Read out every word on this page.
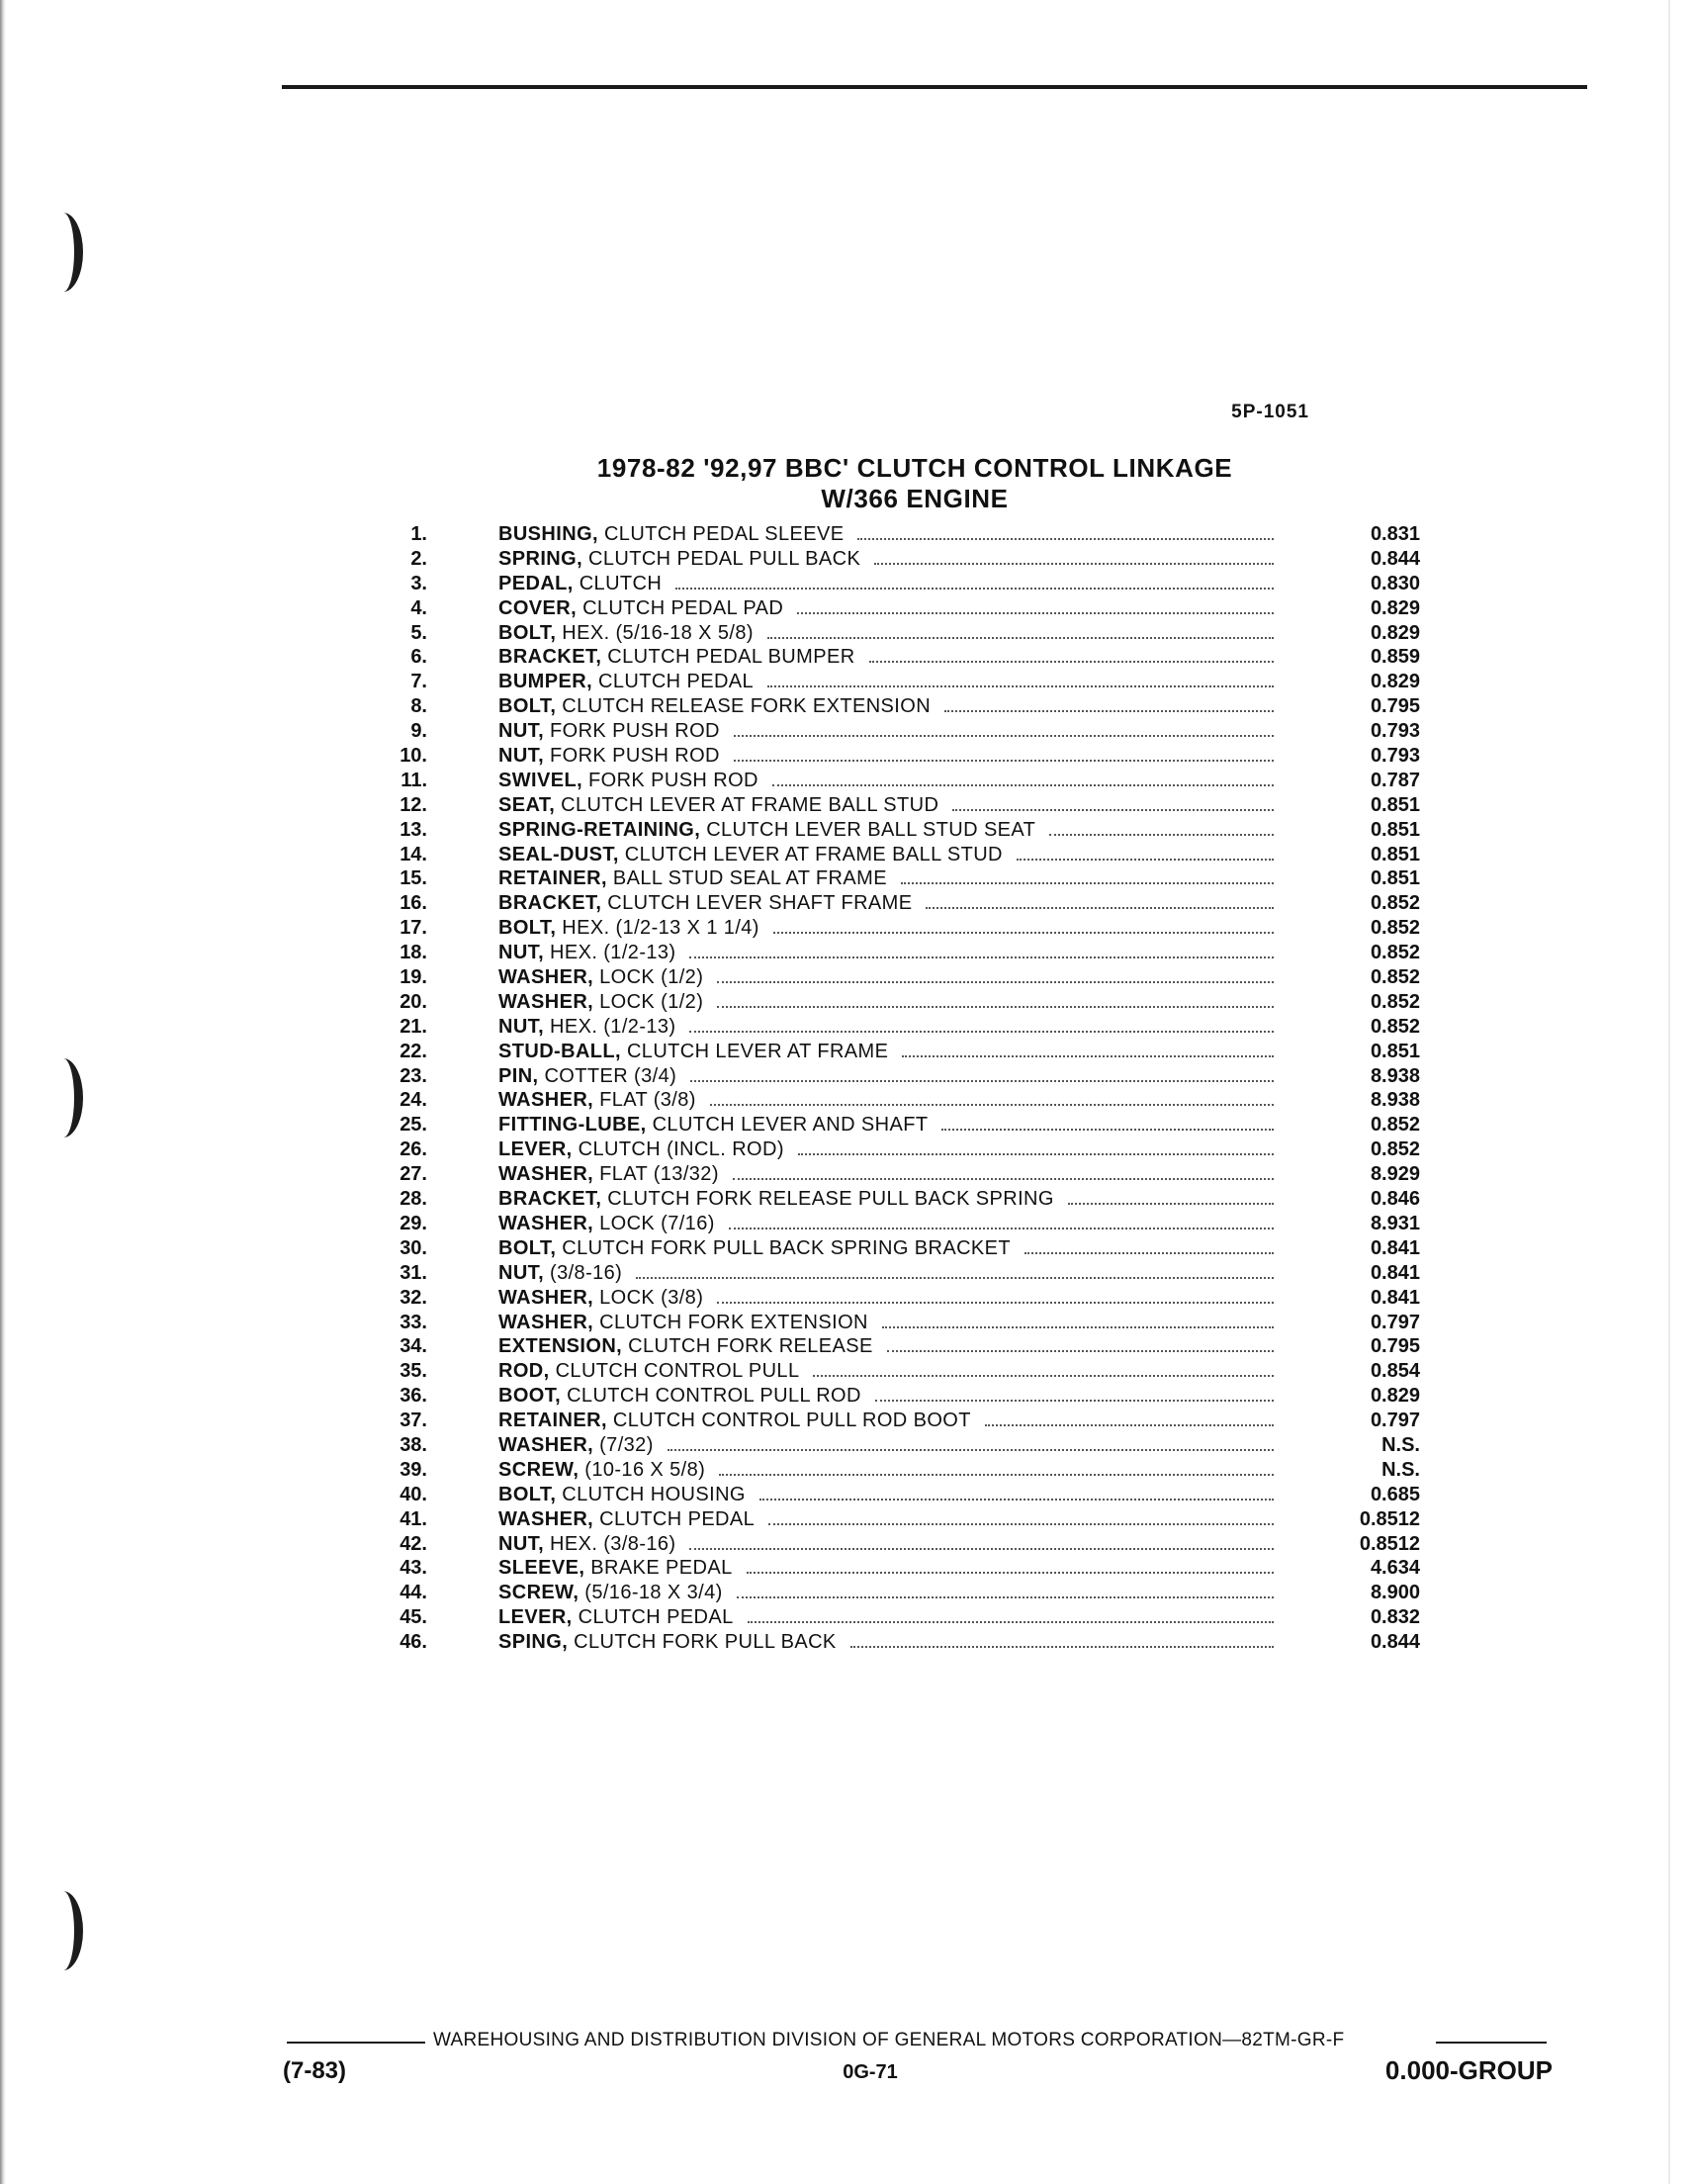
5P-1051
1978-82 '92,97 BBC' CLUTCH CONTROL LINKAGE
W/366 ENGINE
1.	BUSHING,
CLUTCH PEDAL SLEEVE	0.831
2.	SPRING,
CLUTCH PEDAL PULL BACK	0.844
3.	PEDAL,
CLUTCH	0.830
4.	COVER,
CLUTCH PEDAL PAD	0.829
5.	BOLT,
HEX. (5/16-18 X 5/8)	0.829
6.	BRACKET,
CLUTCH PEDAL BUMPER	0.859
7.	BUMPER,
CLUTCH PEDAL	0.829
8.	BOLT,
CLUTCH RELEASE FORK EXTENSION	0.795
9.	NUT,
FORK PUSH ROD	0.793
10.	NUT,
FORK PUSH ROD	0.793
11.	SWIVEL,
FORK PUSH ROD	0.787
12.	SEAT,
CLUTCH LEVER AT FRAME BALL STUD	0.851
13.	SPRING-RETAINING,
CLUTCH LEVER BALL STUD SEAT	0.851
14.	SEAL-DUST,
CLUTCH LEVER AT FRAME BALL STUD	0.851
15.	RETAINER,
BALL STUD SEAL AT FRAME	0.851
16.	BRACKET,
CLUTCH LEVER SHAFT FRAME	0.852
17.	BOLT,
HEX. (1/2-13 X 1 1/4)	0.852
18.	NUT,
HEX. (1/2-13)	0.852
19.	WASHER,
LOCK (1/2)	0.852
20.	WASHER,
LOCK (1/2)	0.852
21.	NUT,
HEX. (1/2-13)	0.852
22.	STUD-BALL,
CLUTCH LEVER AT FRAME	0.851
23.	PIN,
COTTER (3/4)	8.938
24.	WASHER,
FLAT (3/8)	8.938
25.	FITTING-LUBE,
CLUTCH LEVER AND SHAFT	0.852
26.	LEVER,
CLUTCH (INCL. ROD)	0.852
27.	WASHER,
FLAT (13/32)	8.929
28.	BRACKET,
CLUTCH FORK RELEASE PULL BACK SPRING	0.846
29.	WASHER,
LOCK (7/16)	8.931
30.	BOLT,
CLUTCH FORK PULL BACK SPRING BRACKET	0.841
31.	NUT,
(3/8-16)	0.841
32.	WASHER,
LOCK (3/8)	0.841
33.	WASHER,
CLUTCH FORK EXTENSION	0.797
34.	EXTENSION,
CLUTCH FORK RELEASE	0.795
35.	ROD,
CLUTCH CONTROL PULL	0.854
36.	BOOT,
CLUTCH CONTROL PULL ROD	0.829
37.	RETAINER,
CLUTCH CONTROL PULL ROD BOOT	0.797
38.	WASHER,
(7/32)	N.S.
39.	SCREW,
(10-16 X 5/8)	N.S.
40.	BOLT,
CLUTCH HOUSING	0.685
41.	WASHER,
CLUTCH PEDAL	0.8512
42.	NUT,
HEX. (3/8-16)	0.8512
43.	SLEEVE,
BRAKE PEDAL	4.634
44.	SCREW,
(5/16-18 X 3/4)	8.900
45.	LEVER,
CLUTCH PEDAL	0.832
46.	SPING,
CLUTCH FORK PULL BACK	0.844
WAREHOUSING AND DISTRIBUTION DIVISION OF GENERAL MOTORS CORPORATION—82TM-GR-F
(7-83)	0G-71	0.000-GROUP
